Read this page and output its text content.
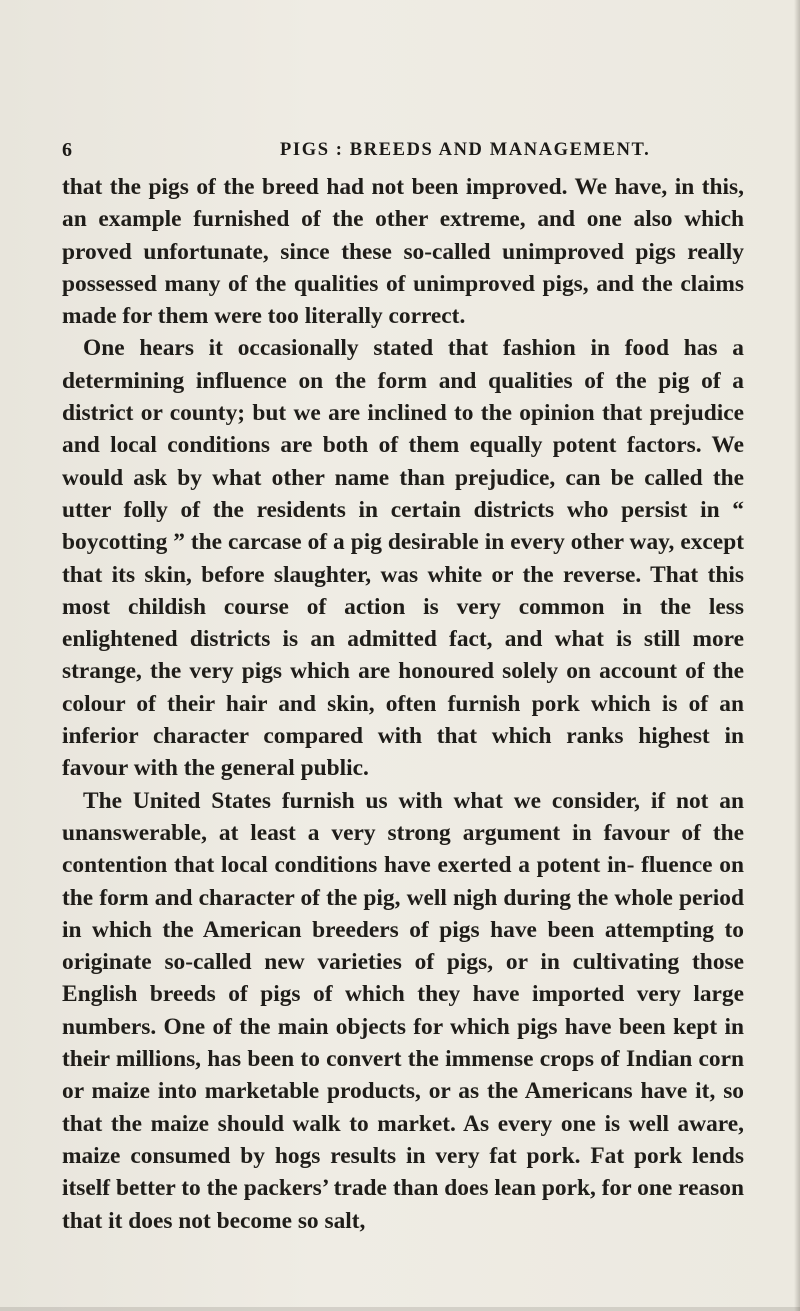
6	PIGS : BREEDS AND MANAGEMENT.

that the pigs of the breed had not been improved. We have, in this, an example furnished of the other extreme, and one also which proved unfortunate, since these so-called unimproved pigs really possessed many of the qualities of unimproved pigs, and the claims made for them were too literally correct.

One hears it occasionally stated that fashion in food has a determining influence on the form and qualities of the pig of a district or county; but we are inclined to the opinion that prejudice and local conditions are both of them equally potent factors. We would ask by what other name than prejudice, can be called the utter folly of the residents in certain districts who persist in “ boycotting ” the carcase of a pig desirable in every other way, except that its skin, before slaughter, was white or the reverse. That this most childish course of action is very common in the less enlightened districts is an admitted fact, and what is still more strange, the very pigs which are honoured solely on account of the colour of their hair and skin, often furnish pork which is of an inferior character compared with that which ranks highest in favour with the general public.

The United States furnish us with what we consider, if not an unanswerable, at least a very strong argument in favour of the contention that local conditions have exerted a potent in- fluence on the form and character of the pig, well nigh during the whole period in which the American breeders of pigs have been attempting to originate so-called new varieties of pigs, or in cultivating those English breeds of pigs of which they have imported very large numbers. One of the main objects for which pigs have been kept in their millions, has been to convert the immense crops of Indian corn or maize into marketable products, or as the Americans have it, so that the maize should walk to market. As every one is well aware, maize consumed by hogs results in very fat pork. Fat pork lends itself better to the packers’ trade than does lean pork, for one reason that it does not become so salt,
